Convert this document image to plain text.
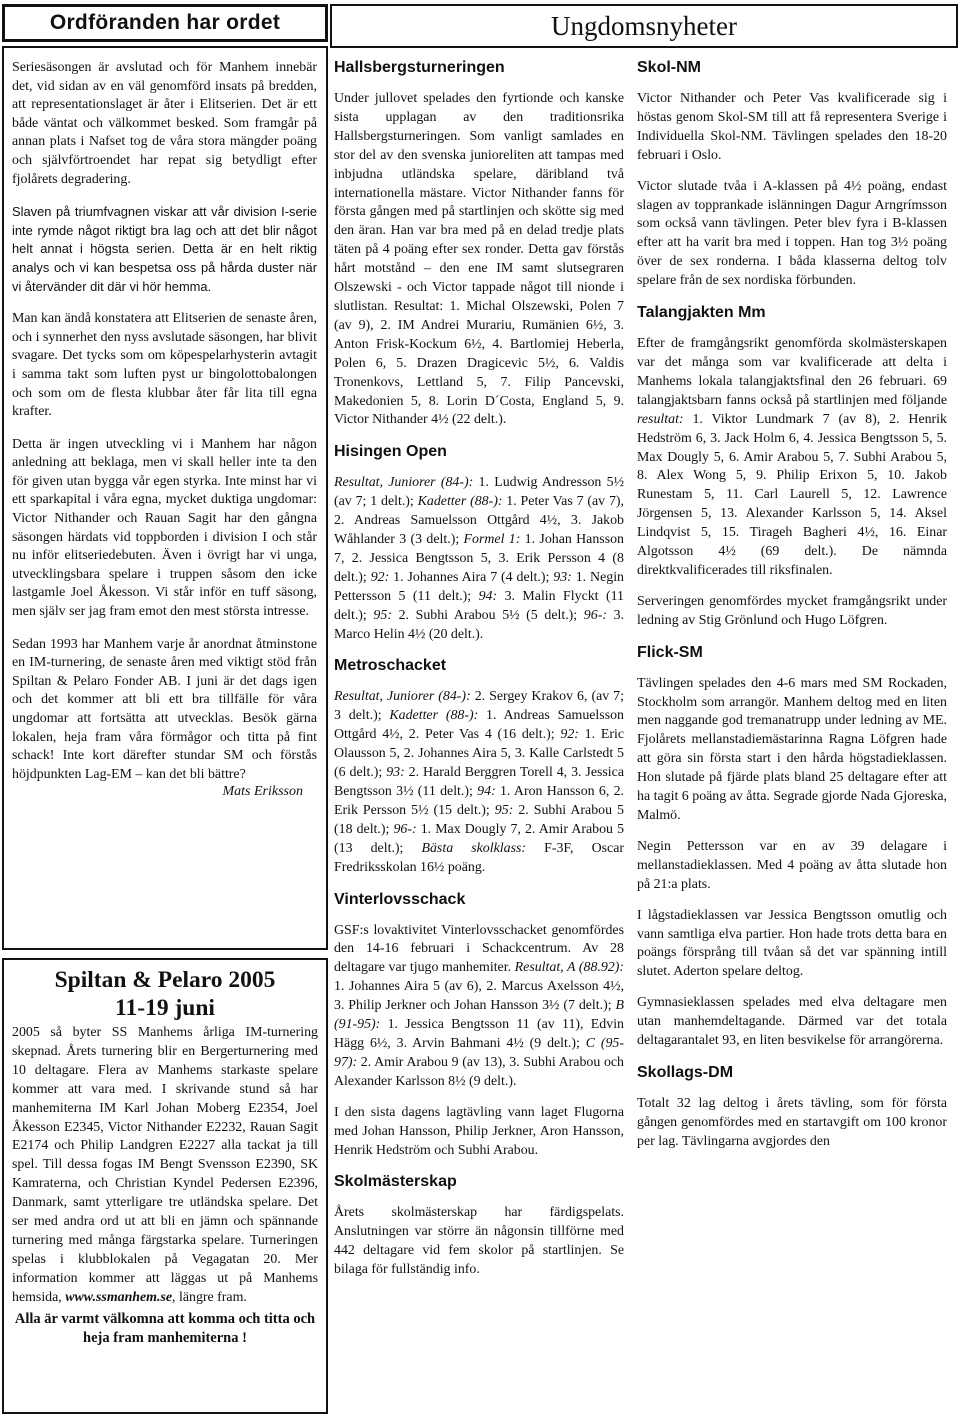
Ordföranden har ordet

Seriesäsongen är avslutad och för Manhem innebär det, vid sidan av en väl genomförd insats på bredden, att representationslaget är åter i Elitserien. Det är ett både väntat och välkommet besked. Som framgår på annan plats i Nafset tog de våra stora mängder poäng och självförtroendet har repat sig betydligt efter fjolårets degradering.

Slaven på triumfvagnen viskar att vår division I-serie inte rymde något riktigt bra lag och att det blir något helt annat i högsta serien. Detta är en helt riktig analys och vi kan bespetsa oss på hårda duster när vi återvänder dit där vi hör hemma.

Man kan ändå konstatera att Elitserien de senaste åren, och i synnerhet den nyss avslutade säsongen, har blivit svagare. Det tycks som om köpespelarhysterin avtagit i samma takt som luften pyst ur bingolottobalongen och som om de flesta klubbar åter får lita till egna krafter.

Detta är ingen utveckling vi i Manhem har någon anledning att beklaga, men vi skall heller inte ta den för given utan bygga vår egen styrka. Inte minst har vi ett sparkapital i våra egna, mycket duktiga ungdomar: Victor Nithander och Rauan Sagit har den gångna säsongen härdats vid toppborden i division I och står nu inför elitseriedebuten. Även i övrigt har vi unga, utvecklingsbara spelare i truppen såsom den icke lastgamle Joel Åkesson. Vi står inför en tuff säsong, men själv ser jag fram emot den mest största intresse.

Sedan 1993 har Manhem varje år anordnat åtminstone en IM-turnering, de senaste åren med viktigt stöd från Spiltan & Pelaro Fonder AB. I juni är det dags igen och det kommer att bli ett bra tillfälle för våra ungdomar att fortsätta att utvecklas. Besök gärna lokalen, heja fram våra förmågor och titta på fint schack! Inte kort därefter stundar SM och förstås höjdpunkten Lag-EM – kan det bli bättre?

Mats Eriksson
Spiltan & Pelaro 2005
11-19 juni

2005 så byter SS Manhems årliga IM-turnering skepnad. Årets turnering blir en Bergerturnering med 10 deltagare. Flera av Manhems starkaste spelare kommer att vara med. I skrivande stund så har manhemiterna IM Karl Johan Moberg E2354, Joel Åkesson E2345, Victor Nithander E2232, Rauan Sagit E2174 och Philip Landgren E2227 alla tackat ja till spel. Till dessa fogas IM Bengt Svensson E2390, SK Kamraterna, och Christian Kyndel Pedersen E2396, Danmark, samt ytterligare tre utländska spelare. Det ser med andra ord ut att bli en jämn och spännande turnering med många färgstarka spelare. Turneringen spelas i klubblokalen på Vegagatan 20. Mer information kommer att läggas ut på Manhems hemsida, www.ssmanhem.se, längre fram.

Alla är varmt välkomna att komma och titta och heja fram manhemiterna !
Ungdomsnyheter
Hallsbergsturneringen

Under jullovet spelades den fyrtionde och kanske sista upplagan av den traditionsrika Hallsbergsturneringen. Som vanligt samlades en stor del av den svenska junioreliten att tampas med inbjudna utländska spelare, däribland två internationella mästare. Victor Nithander fanns för första gången med på startlinjen och skötte sig med den äran. Han var bra med på en delad tredje plats täten på 4 poäng efter sex ronder. Detta gav förstås hårt motstånd – den ene IM samt slutsegraren Olszewski - och Victor tappade något till nionde i slutlistan. Resultat: 1. Michal Olszewski, Polen 7 (av 9), 2. IM Andrei Murariu, Rumänien 6½, 3. Anton Frisk-Kockum 6½, 4. Bartlomiej Heberla, Polen 6, 5. Drazen Dragicevic 5½, 6. Valdis Tronenkovs, Lettland 5, 7. Filip Pancevski, Makedonien 5, 8. Lorin D´Costa, England 5, 9. Victor Nithander 4½ (22 delt.).

Hisingen Open

Resultat, Juniorer (84-): 1. Ludwig Andresson 5½ (av 7; 1 delt.); Kadetter (88-): 1. Peter Vas 7 (av 7), 2. Andreas Samuelsson Ottgård 4½, 3. Jakob Wåhlander 3 (3 delt.); Formel 1: 1. Johan Hansson 7, 2. Jessica Bengtsson 5, 3. Erik Persson 4 (8 delt.); 92: 1. Johannes Aira 7 (4 delt.); 93: 1. Negin Pettersson 5 (11 delt.); 94: 3. Malin Flyckt (11 delt.); 95: 2. Subhi Arabou 5½ (5 delt.); 96-: 3. Marco Helin 4½ (20 delt.).

Metroschacket

Resultat, Juniorer (84-): 2. Sergey Krakov 6, (av 7; 3 delt.); Kadetter (88-): 1. Andreas Samuelsson Ottgård 4½, 2. Peter Vas 4 (16 delt.); 92: 1. Eric Olausson 5, 2. Johannes Aira 5, 3. Kalle Carlstedt 5 (6 delt.); 93: 2. Harald Berggren Torell 4, 3. Jessica Bengtsson 3½ (11 delt.); 94: 1. Aron Hansson 6, 2. Erik Persson 5½ (15 delt.); 95: 2. Subhi Arabou 5 (18 delt.); 96-: 1. Max Dougly 7, 2. Amir Arabou 5 (13 delt.); Bästa skolklass: F-3F, Oscar Fredriksskolan 16½ poäng.

Vinterlovsschack

GSF:s lovaktivitet Vinterlovsschacket genomfördes den 14-16 februari i Schackcentrum. Av 28 deltagare var tjugo manhemiter. Resultat, A (88.92): 1. Johannes Aira 5 (av 6), 2. Marcus Axelsson 4½, 3. Philip Jerkner och Johan Hansson 3½ (7 delt.); B (91-95): 1. Jessica Bengtsson 11 (av 11), Edvin Hägg 6½, 3. Arvin Bahmani 4½ (9 delt.); C (95-97): 2. Amir Arabou 9 (av 13), 3. Subhi Arabou och Alexander Karlsson 8½ (9 delt.).

I den sista dagens lagtävling vann laget Flugorna med Johan Hansson, Philip Jerkner, Aron Hansson, Henrik Hedström och Subhi Arabou.

Skolmästerskap

Årets skolmästerskap har färdigspelats. Anslutningen var större än någonsin tillförne med 442 deltagare vid fem skolor på startlinjen. Se bilaga för fullständig info.

Skol-NM

Victor Nithander och Peter Vas kvalificerade sig i höstas genom Skol-SM till att få representera Sverige i Individuella Skol-NM. Tävlingen spelades den 18-20 februari i Oslo.

Victor slutade tvåa i A-klassen på 4½ poäng, endast slagen av topprankade islänningen Dagur Arngrímsson som också vann tävlingen. Peter blev fyra i B-klassen efter att ha varit bra med i toppen. Han tog 3½ poäng över de sex ronderna. I båda klasserna deltog tolv spelare från de sex nordiska förbunden.

Talangjakten Mm

Efter de framgångsrikt genomförda skolmästerskapen var det många som var kvalificerade att delta i Manhems lokala talangjaktsfinal den 26 februari. 69 talangjaktsbarn fanns också på startlinjen med följande resultat: 1. Viktor Lundmark 7 (av 8), 2. Henrik Hedström 6, 3. Jack Holm 6, 4. Jessica Bengtsson 5, 5. Max Dougly 5, 6. Amir Arabou 5, 7. Subhi Arabou 5, 8. Alex Wong 5, 9. Philip Erixon 5, 10. Jakob Runestam 5, 11. Carl Laurell 5, 12. Lawrence Jörgensen 5, 13. Alexander Karlsson 5, 14. Aksel Lindqvist 5, 15. Tirageh Bagheri 4½, 16. Einar Algotsson 4½ (69 delt.). De nämnda direktkvalificerades till riksfinalen.

Serveringen genomfördes mycket framgångsrikt under ledning av Stig Grönlund och Hugo Löfgren.

Flick-SM

Tävlingen spelades den 4-6 mars med SM Rockaden, Stockholm som arrangör. Manhem deltog med en liten men naggande god tremanatrupp under ledning av ME. Fjolårets mellanstadiemästarinna Ragna Löfgren hade att göra sin första start i den hårda högstadieklassen. Hon slutade på fjärde plats bland 25 deltagare efter att ha tagit 6 poäng av åtta. Segrade gjorde Nada Gjoreska, Malmö.

Negin Pettersson var en av 39 delagare i mellanstadieklassen. Med 4 poäng av åtta slutade hon på 21:a plats.

I lågstadieklassen var Jessica Bengtsson omutlig och vann samtliga elva partier. Hon hade trots detta bara en poängs försprång till tvåan så det var spänning intill slutet. Aderton spelare deltog.

Gymnasieklassen spelades med elva deltagare men utan manhemdeltagande. Därmed var det totala deltagarantalet 93, en liten besvikelse för arrangörerna.

Skollags-DM

Totalt 32 lag deltog i årets tävling, som för första gången genomfördes med en startavgift om 100 kronor per lag. Tävlingarna avgjordes den
